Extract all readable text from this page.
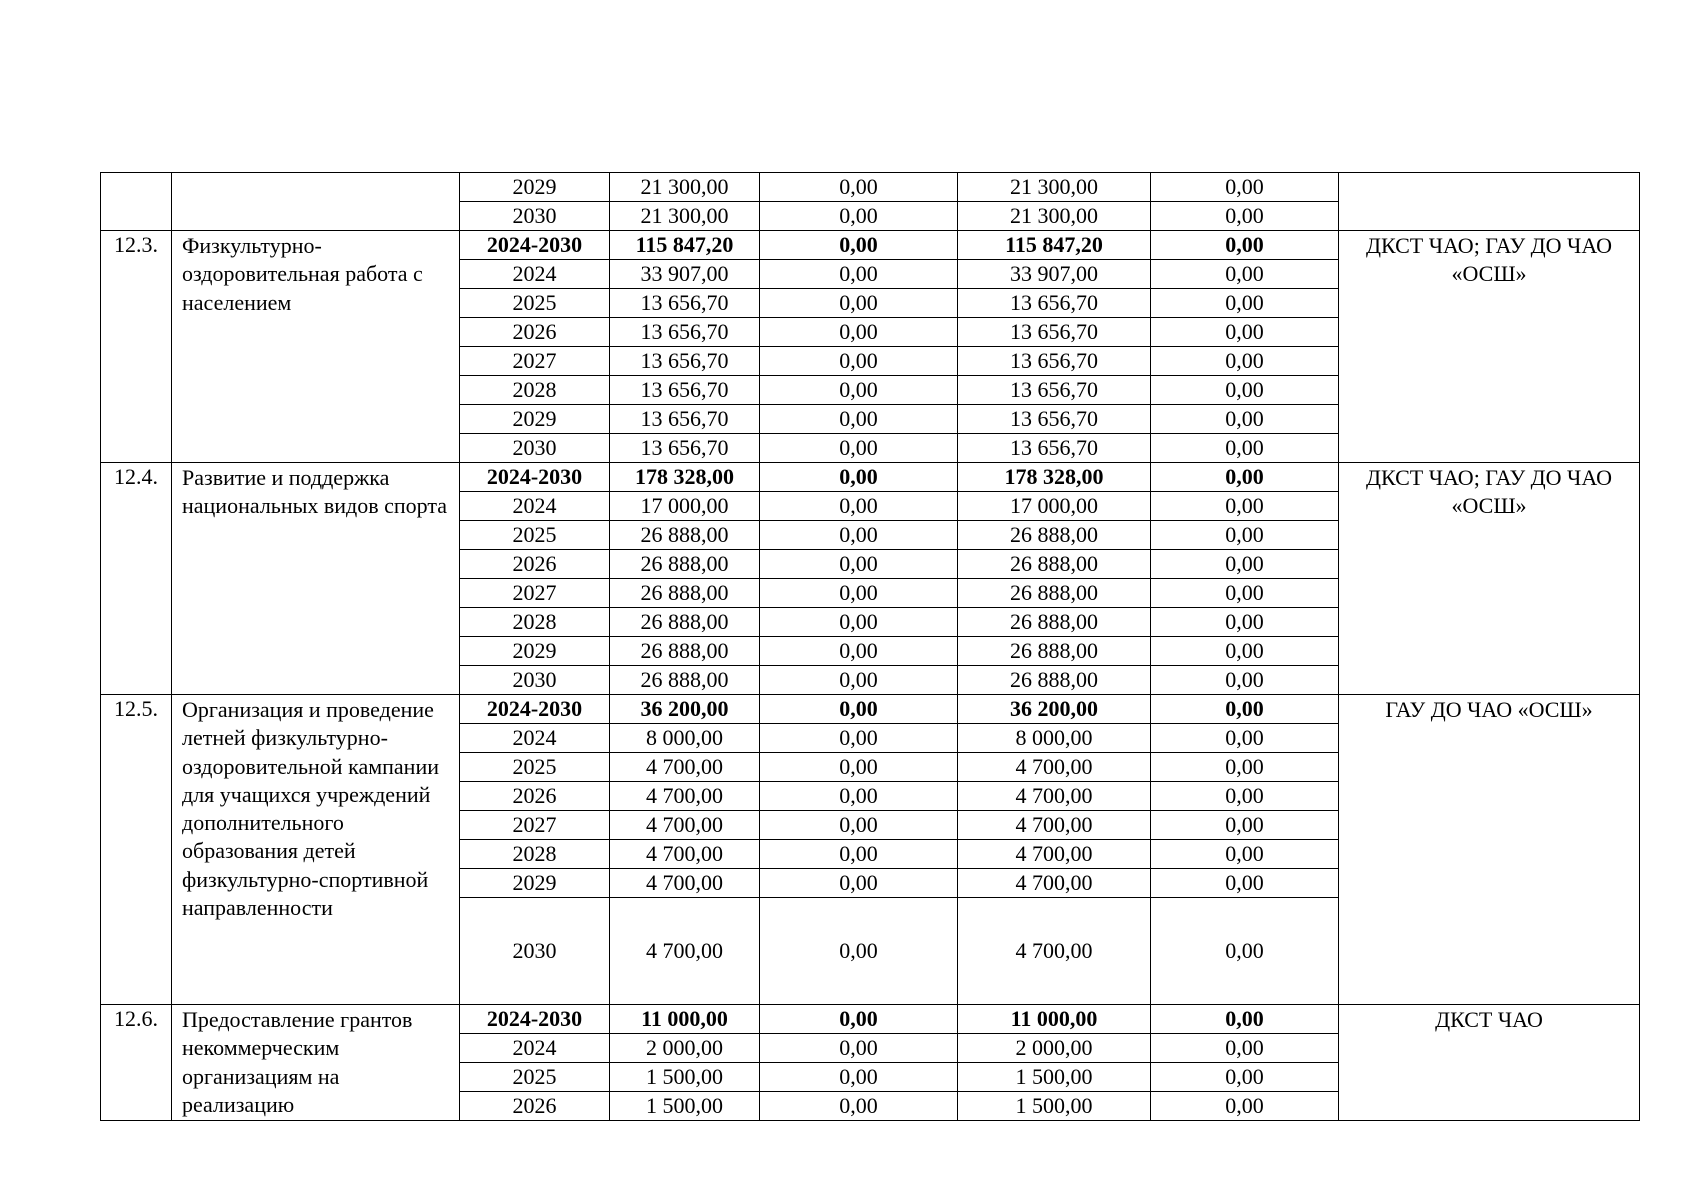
		2029	21 300,00	0,00	21 300,00	0,00	
		2030	21 300,00	0,00	21 300,00	0,00	
12.3.	Физкультурно-оздоровительная работа с населением	2024-2030	115 847,20	0,00	115 847,20	0,00	ДКСТ ЧАО; ГАУ ДО ЧАО «ОСШ»
		2024	33 907,00	0,00	33 907,00	0,00	
		2025	13 656,70	0,00	13 656,70	0,00	
		2026	13 656,70	0,00	13 656,70	0,00	
		2027	13 656,70	0,00	13 656,70	0,00	
		2028	13 656,70	0,00	13 656,70	0,00	
		2029	13 656,70	0,00	13 656,70	0,00	
		2030	13 656,70	0,00	13 656,70	0,00	
12.4.	Развитие и поддержка национальных видов спорта	2024-2030	178 328,00	0,00	178 328,00	0,00	ДКСТ ЧАО; ГАУ ДО ЧАО «ОСШ»
		2024	17 000,00	0,00	17 000,00	0,00	
		2025	26 888,00	0,00	26 888,00	0,00	
		2026	26 888,00	0,00	26 888,00	0,00	
		2027	26 888,00	0,00	26 888,00	0,00	
		2028	26 888,00	0,00	26 888,00	0,00	
		2029	26 888,00	0,00	26 888,00	0,00	
		2030	26 888,00	0,00	26 888,00	0,00	
12.5.	Организация и проведение летней физкультурно-оздоровительной кампании для учащихся учреждений дополнительного образования детей физкультурно-спортивной направленности	2024-2030	36 200,00	0,00	36 200,00	0,00	ГАУ ДО ЧАО «ОСШ»
		2024	8 000,00	0,00	8 000,00	0,00	
		2025	4 700,00	0,00	4 700,00	0,00	
		2026	4 700,00	0,00	4 700,00	0,00	
		2027	4 700,00	0,00	4 700,00	0,00	
		2028	4 700,00	0,00	4 700,00	0,00	
		2029	4 700,00	0,00	4 700,00	0,00	
		2030	4 700,00	0,00	4 700,00	0,00	
12.6.	Предоставление грантов некоммерческим организациям на реализацию	2024-2030	11 000,00	0,00	11 000,00	0,00	ДКСТ ЧАО
		2024	2 000,00	0,00	2 000,00	0,00	
		2025	1 500,00	0,00	1 500,00	0,00	
		2026	1 500,00	0,00	1 500,00	0,00	
